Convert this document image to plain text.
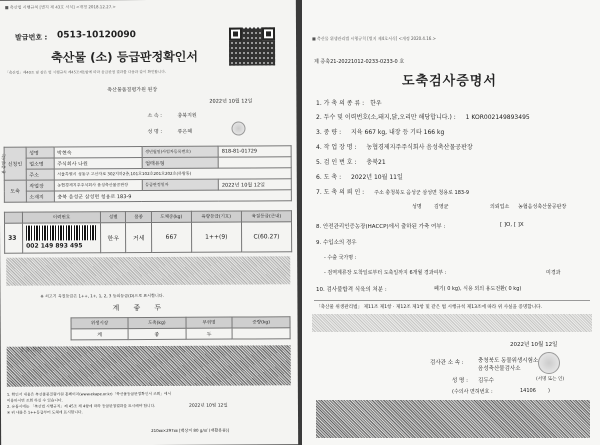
■ 축산법 시행규칙 [별지 제 43호 서식] <개정 2018.12.27.>
발급번호 : 0513-10120090
축산물 (소) 등급판정확인서
「축산법」제40조 및 같은 법 시행규칙 제45조제1항에 따라 등급판정 결과를 다음과 같이 확인합니다.
축산물품질평가원 원장
2022년 10월 12일
소 속 :	충북지원
성 명 :	류은혜
신청인	성명	박현숙	생년월일(사업자등록번호)	818-81-01729
	업소명	주식회사 나원	업태유형	
	주소	서울특별시 성동구 고산자로 302지하2층,101호102호201호202호(하왕동)		
도축	작업장	농협경제지주주식회사 음성축산물공판장	등급판정일자	2022년 10월 12일
	소재지	충북 음성군 삼성면 청용로 183-9		
	이력번호	성별	품종	도체중(kg)	육량등급(기호)	육질등급(근내)
33	002 149 893 495	한우	거세	667	1++(9)	C(60.27)
※ 쇠고기 육질등급은 1++, 1+, 1, 2, 3 등외등급(D)으로 표시합니다.
계 좋 두
위생시장	도축(kg)	부위명	중량(kg)
계	좋	두	
1. 확인서 내용은 축산물품질평가원 홈페이지(www.ekape.or.kr)「축산물등급판정확인서 조회」에서
이용하시면 조회 하실 수 있습니다.
2. 유통시에는 「축산법 시행규칙」제 45조 제 4항에 따라 등급판정결과를 표시해야 합니다.
※ 위 내용은 1++등급부터 도체에 표시합니다.
2022년 10월 12일
210㎜×297㎜ [백상지 80 g/㎡ (재활용품)]
본 증명서는
■ 축산물 위생관리법 시행규칙 [별지 제4호서식] <개정 2020.4.16.>
제 증축21-20221012-0233-0233-0 호
도축검사증명서
1. 가 축 의 종 류 : 한우
2. 두수 및 이력번호(소,돼지,닭,오리만 해당합니다.) : 1 KOR002149893495
3. 중 량 : 지육 667 kg, 내장 등 기타 166 kg
4. 작 업 장 명 : 농협경제지주주식회사 음성축산물공판장
5. 검 인 번 호 : 충북21
6. 도 축 : 2022년 10월 11일
7. 도 축 의 뢰 인 : 주소 충청북도 음성군 삼성면 청용로 183-9
성명 김영균	의뢰업소 농협음성축산물공판장
8. 안전관리인증농장(HACCP)에서 출하된 가축 여부 :	[ ]O, [ ]X
9. 수입소의 경우
- 수출 국가명 :
- 검역계류장 도착일로부터 도축일까지 6개월 경과여부 :	미경과
10. 검사불합격 식육의 처분 :	폐기( 0 kg), 식용 외의 용도전환( 0 kg)
「축산물 위생관리법」 제11조 제1항 · 제12조 제1항 및 같은 법 시행규칙 제13조에 따라 위 사실을 증명합니다.
2022년 10월 12일
검사관 소 속 :	충청북도 동물위생시험소
음성축산물검사소
성 명 : 김두수	(서명 또는 인)
(수의사 면허번호 :	14106 )
